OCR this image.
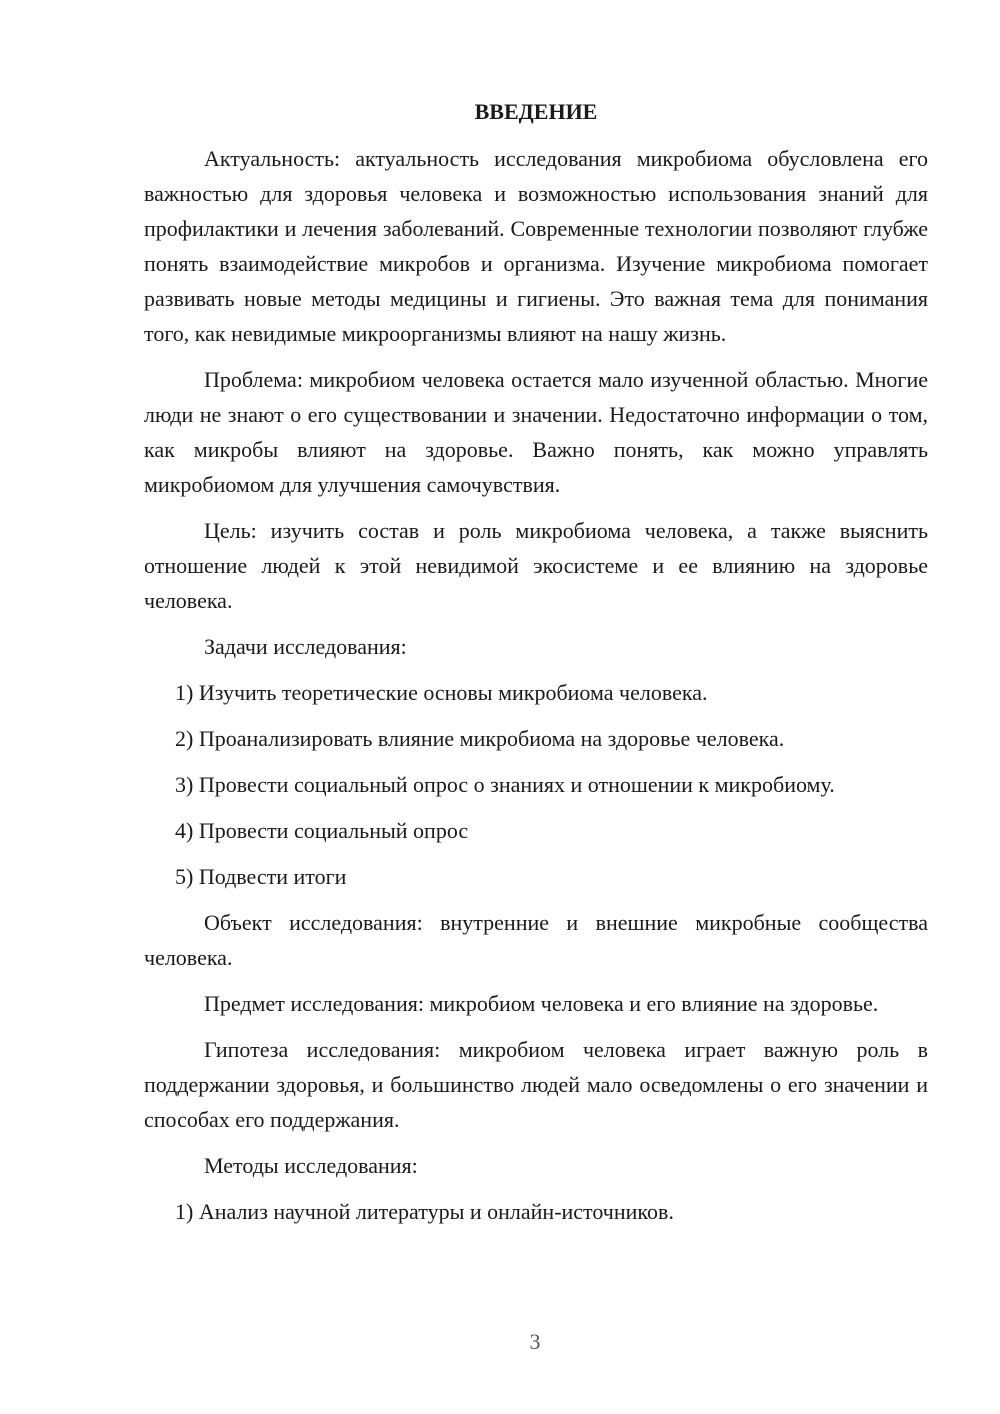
ВВЕДЕНИЕ

Актуальность: актуальность исследования микробиома обусловлена его важностью для здоровья человека и возможностью использования знаний для профилактики и лечения заболеваний. Современные технологии позволяют глубже понять взаимодействие микробов и организма. Изучение микробиома помогает развивать новые методы медицины и гигиены. Это важная тема для понимания того, как невидимые микроорганизмы влияют на нашу жизнь.

Проблема: микробиом человека остается мало изученной областью. Многие люди не знают о его существовании и значении. Недостаточно информации о том, как микробы влияют на здоровье. Важно понять, как можно управлять микробиомом для улучшения самочувствия.

Цель: изучить состав и роль микробиома человека, а также выяснить отношение людей к этой невидимой экосистеме и ее влиянию на здоровье человека.

Задачи исследования:

1) Изучить теоретические основы микробиома человека.
2) Проанализировать влияние микробиома на здоровье человека.
3) Провести социальный опрос о знаниях и отношении к микробиому.
4) Провести социальный опрос
5) Подвести итоги

Объект исследования: внутренние и внешние микробные сообщества человека.

Предмет исследования: микробиом человека и его влияние на здоровье.

Гипотеза исследования: микробиом человека играет важную роль в поддержании здоровья, и большинство людей мало осведомлены о его значении и способах его поддержания.

Методы исследования:

1) Анализ научной литературы и онлайн-источников.
3
